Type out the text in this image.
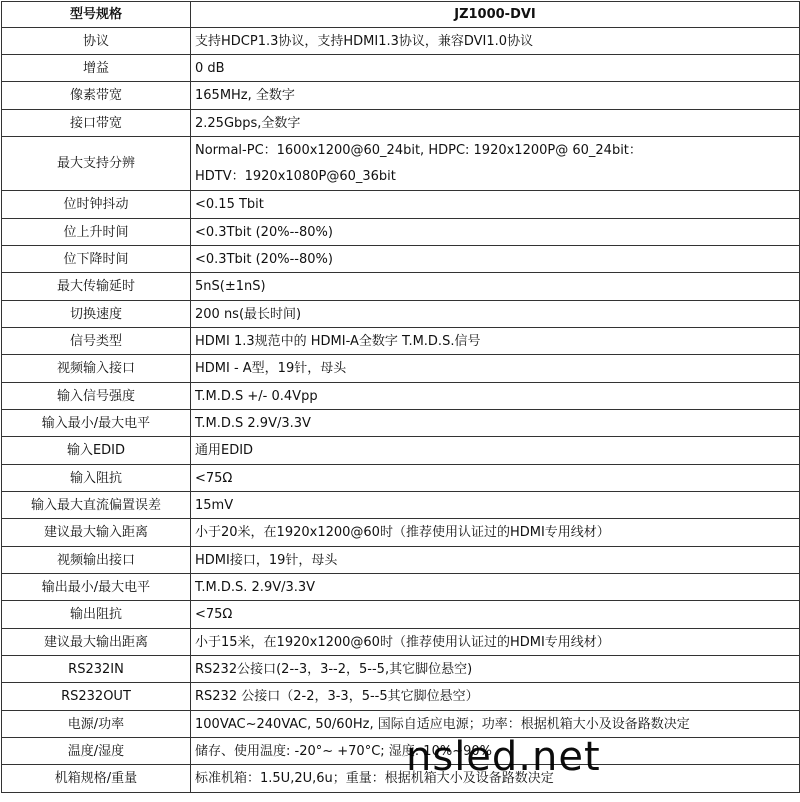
型号规格	JZ1000-DVI
协议	支持HDCP1.3协议，支持HDMI1.3协议，兼容DVI1.0协议
增益	0 dB
像素带宽	165MHz, 全数字
接口带宽	2.25Gbps,全数字
最大支持分辨	Normal-PC：1600x1200@60_24bit, HDPC: 1920x1200P@ 60_24bit：
HDTV：1920x1080P@60_36bit

位时钟抖动	<0.15 Tbit
位上升时间	<0.3Tbit (20%--80%)
位下降时间	<0.3Tbit (20%--80%)
最大传输延时	5nS(±1nS)
切换速度	200 ns(最长时间)
信号类型	HDMI 1.3规范中的 HDMI-A全数字 T.M.D.S.信号
视频输入接口	HDMI - A型，19针，母头
输入信号强度	T.M.D.S +/- 0.4Vpp
输入最小/最大电平	T.M.D.S 2.9V/3.3V
输入EDID	通用EDID
输入阻抗	<75Ω
输入最大直流偏置误差	15mV
建议最大输入距离	小于20米，在1920x1200@60时（推荐使用认证过的HDMI专用线材）
视频输出接口	HDMI接口，19针，母头
输出最小/最大电平	T.M.D.S. 2.9V/3.3V
输出阻抗	<75Ω
建议最大输出距离	小于15米，在1920x1200@60时（推荐使用认证过的HDMI专用线材）
RS232IN	RS232公接口(2--3，3--2，5--5,其它脚位悬空)
RS232OUT	RS232 公接口（2-2，3-3，5--5其它脚位悬空）
电源/功率	100VAC~240VAC, 50/60Hz, 国际自适应电源；功率：根据机箱大小及设备路数决定
温度/湿度	储存、使用温度: -20°~ +70°C; 湿度: 10%~90%
机箱规格/重量	标准机箱：1.5U,2U,6u；重量：根据机箱大小及设备路数决定
nsled.net
